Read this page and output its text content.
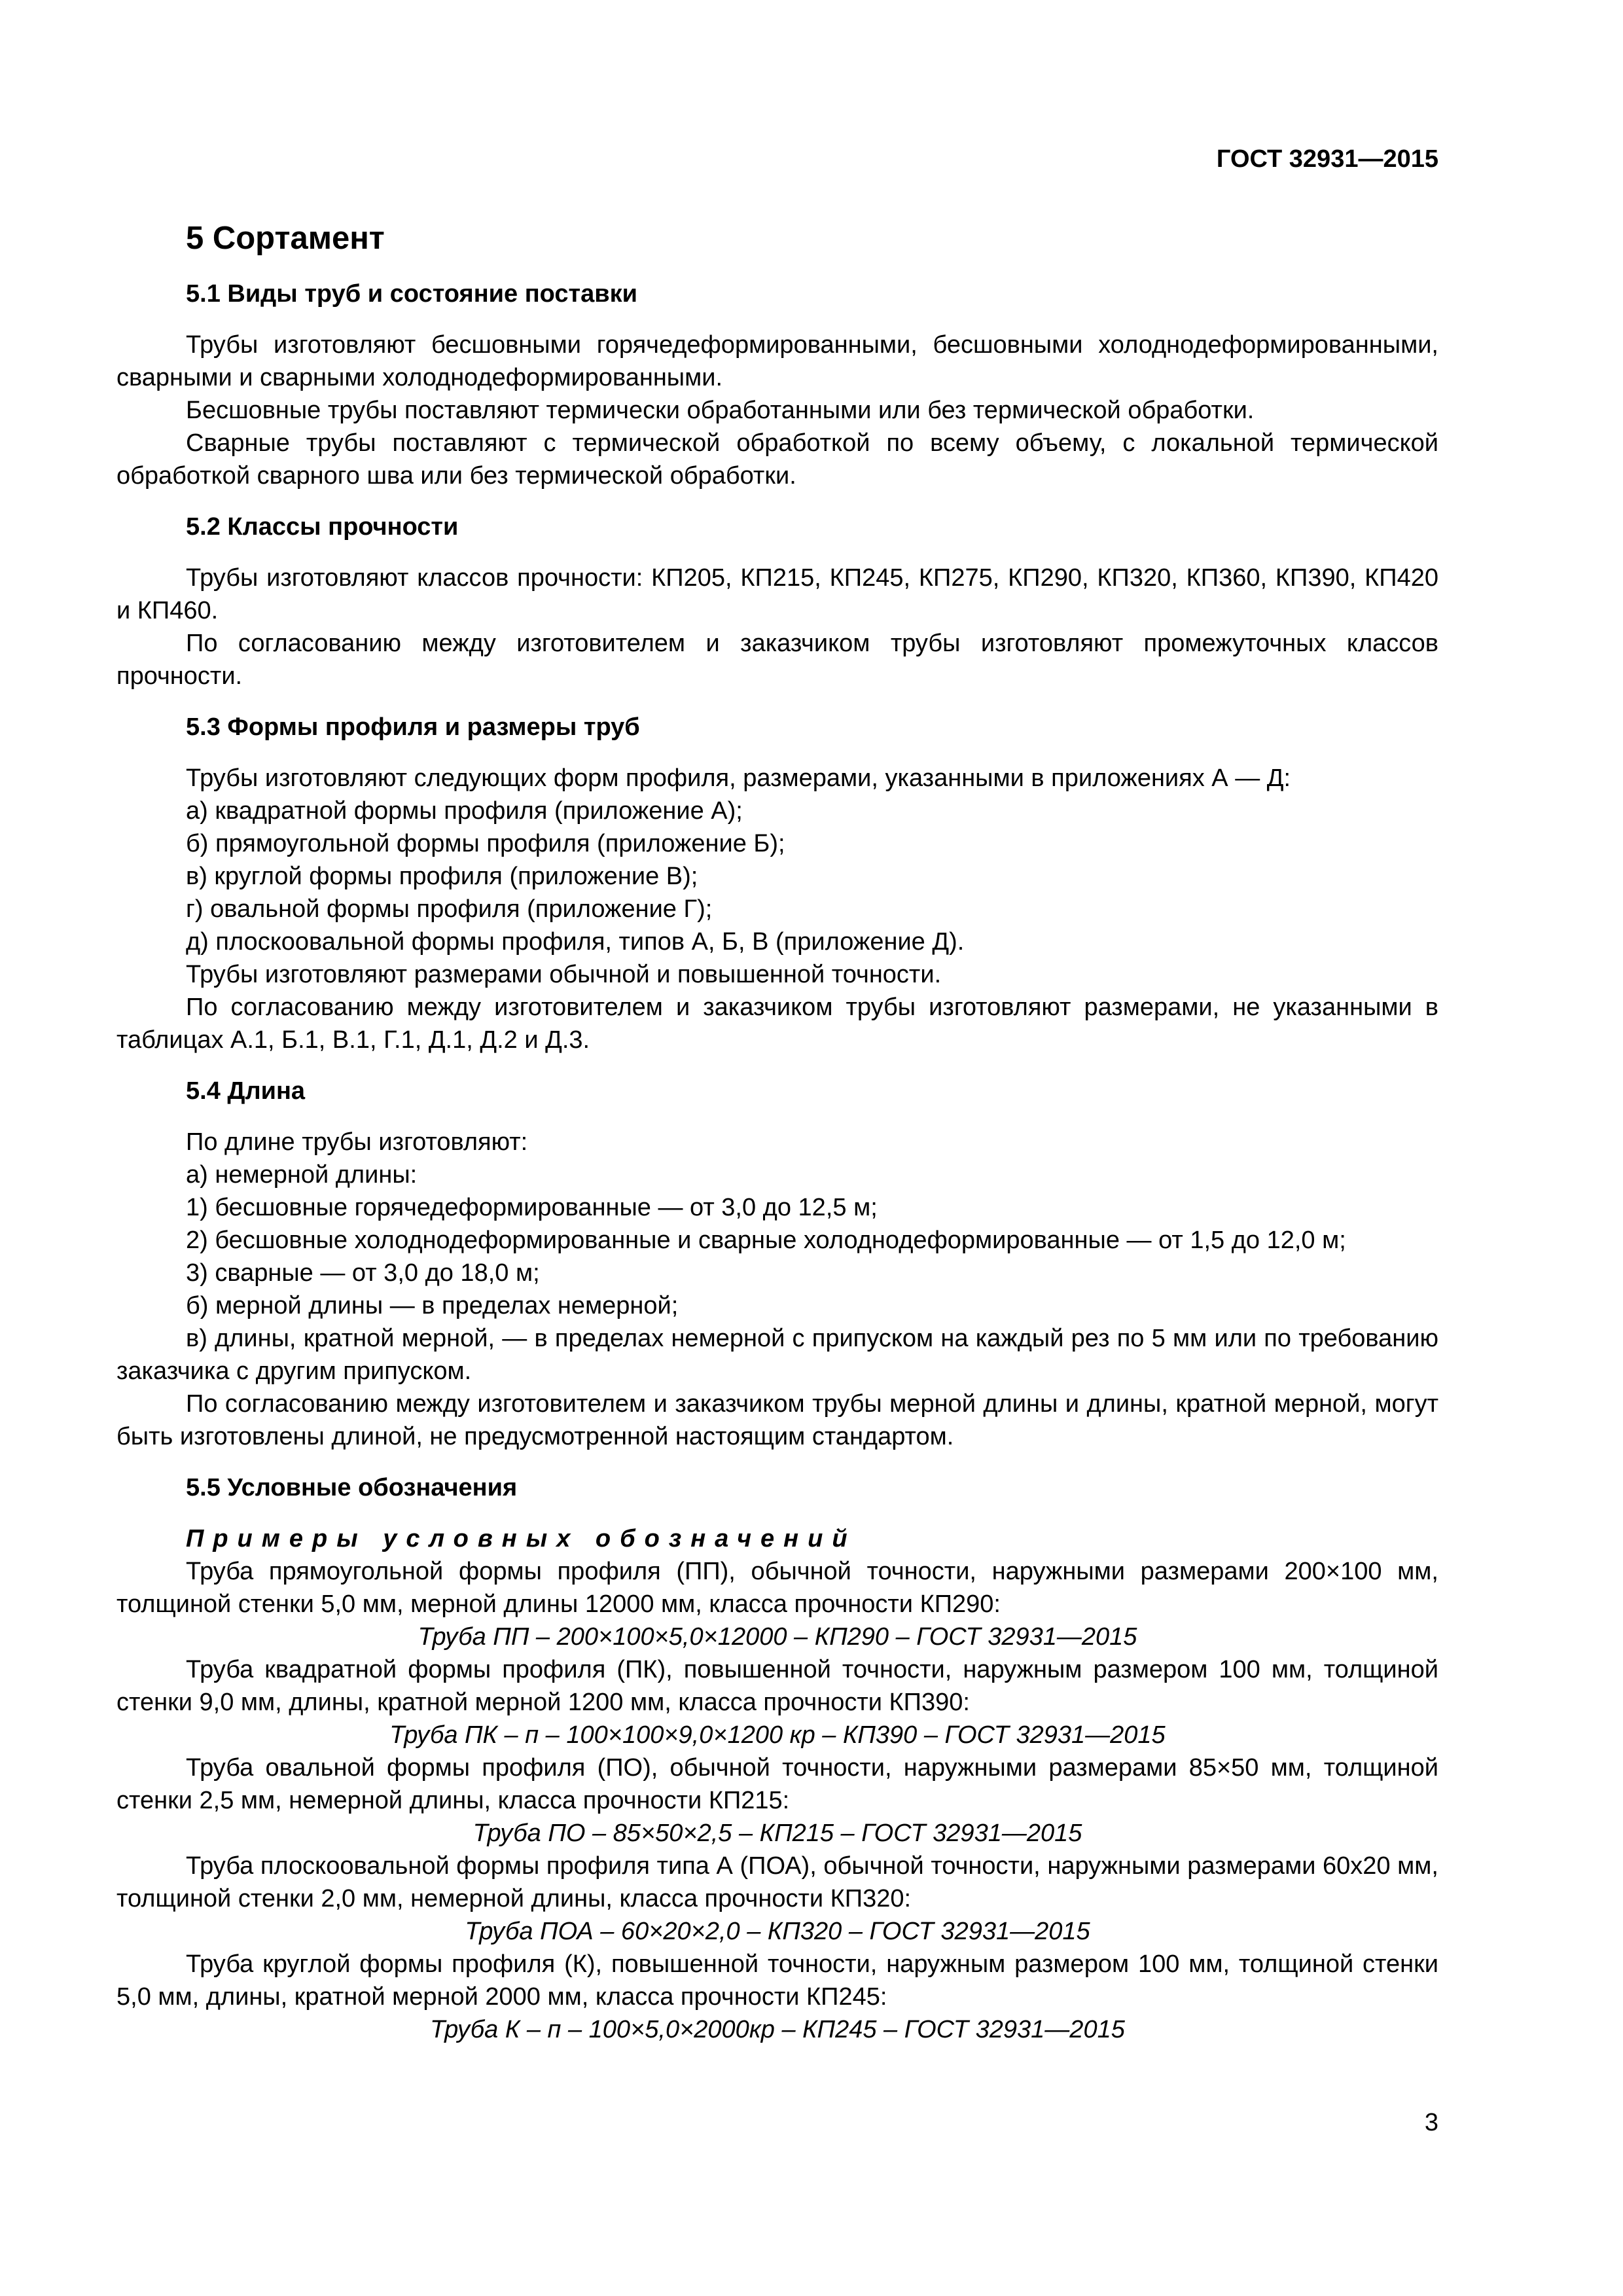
ГОСТ 32931—2015
5 Сортамент
5.1 Виды труб и состояние поставки
Трубы изготовляют бесшовными горячедеформированными, бесшовными холоднодеформированными, сварными и сварными холоднодеформированными.
Бесшовные трубы поставляют термически обработанными или без термической обработки.
Сварные трубы поставляют с термической обработкой по всему объему, с локальной термической обработкой сварного шва или без термической обработки.
5.2 Классы прочности
Трубы изготовляют классов прочности: КП205, КП215, КП245, КП275, КП290, КП320, КП360, КП390, КП420 и КП460.
По согласованию между изготовителем и заказчиком трубы изготовляют промежуточных классов прочности.
5.3 Формы профиля и размеры труб
Трубы изготовляют следующих форм профиля, размерами, указанными в приложениях А — Д:
а) квадратной формы профиля (приложение А);
б) прямоугольной формы профиля (приложение Б);
в) круглой формы профиля (приложение В);
г) овальной формы профиля (приложение Г);
д) плоскоовальной формы профиля, типов А, Б, В (приложение Д).
Трубы изготовляют размерами обычной и повышенной точности.
По согласованию между изготовителем и заказчиком трубы изготовляют размерами, не указанными в таблицах А.1, Б.1, В.1, Г.1, Д.1, Д.2 и Д.3.
5.4 Длина
По длине трубы изготовляют:
а) немерной длины:
1) бесшовные горячедеформированные — от 3,0 до 12,5 м;
2) бесшовные холоднодеформированные и сварные холоднодеформированные — от 1,5 до 12,0 м;
3) сварные — от 3,0 до 18,0 м;
б) мерной длины — в пределах немерной;
в) длины, кратной мерной, — в пределах немерной с припуском на каждый рез по 5 мм или по требованию заказчика с другим припуском.
По согласованию между изготовителем и заказчиком трубы мерной длины и длины, кратной мерной, могут быть изготовлены длиной, не предусмотренной настоящим стандартом.
5.5 Условные обозначения
Примеры условных обозначений
Труба прямоугольной формы профиля (ПП), обычной точности, наружными размерами 200×100 мм, толщиной стенки 5,0 мм, мерной длины 12000 мм, класса прочности КП290:
Труба ПП – 200×100×5,0×12000 – КП290 – ГОСТ 32931—2015
Труба квадратной формы профиля (ПК), повышенной точности, наружным размером 100 мм, толщиной стенки 9,0 мм, длины, кратной мерной 1200 мм, класса прочности КП390:
Труба ПК – п – 100×100×9,0×1200 кр – КП390 – ГОСТ 32931—2015
Труба овальной формы профиля (ПО), обычной точности, наружными размерами 85×50 мм, толщиной стенки 2,5 мм, немерной длины, класса прочности КП215:
Труба ПО – 85×50×2,5 – КП215 – ГОСТ 32931—2015
Труба плоскоовальной формы профиля типа А (ПОА), обычной точности, наружными размерами 60х20 мм, толщиной стенки 2,0 мм, немерной длины, класса прочности КП320:
Труба ПОА – 60×20×2,0 – КП320 – ГОСТ 32931—2015
Труба круглой формы профиля (К), повышенной точности, наружным размером 100 мм, толщиной стенки 5,0 мм, длины, кратной мерной 2000 мм, класса прочности КП245:
Труба К – п – 100×5,0×2000кр – КП245 – ГОСТ 32931—2015
3
